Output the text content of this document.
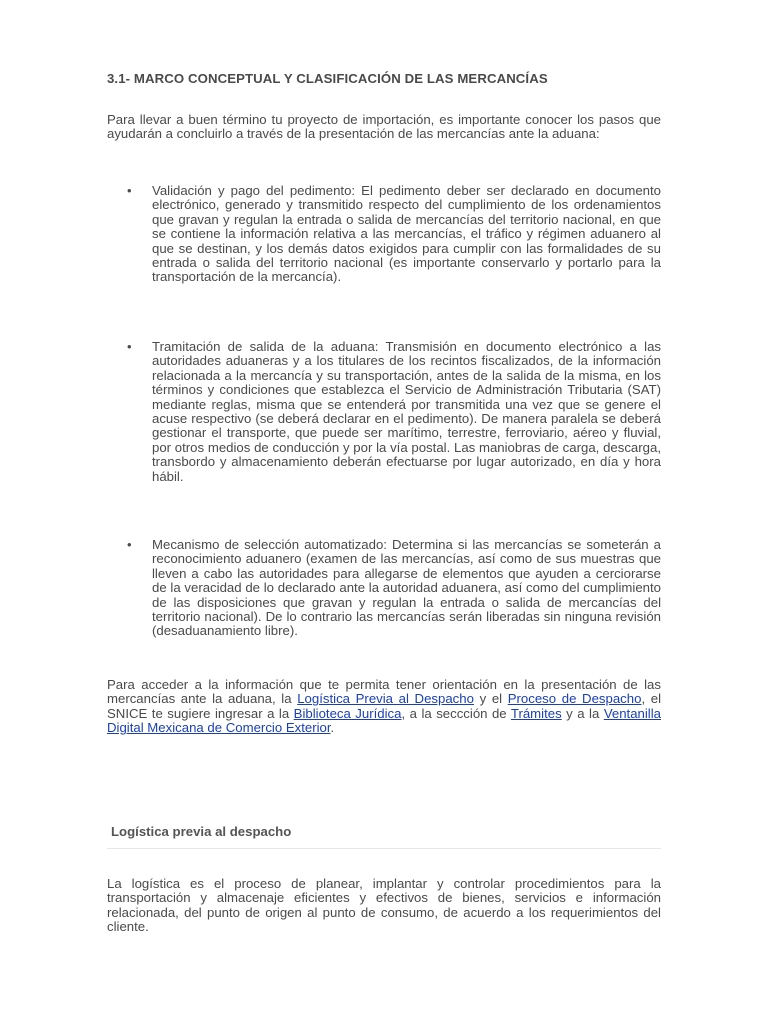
3.1- MARCO CONCEPTUAL Y CLASIFICACIÓN DE LAS MERCANCÍAS

Para llevar a buen término tu proyecto de importación, es importante conocer los pasos que ayudarán a concluirlo a través de la presentación de las mercancías ante la aduana:

• Validación y pago del pedimento: El pedimento deber ser declarado en documento electrónico, generado y transmitido respecto del cumplimiento de los ordenamientos que gravan y regulan la entrada o salida de mercancías del territorio nacional, en que se contiene la información relativa a las mercancías, el tráfico y régimen aduanero al que se destinan, y los demás datos exigidos para cumplir con las formalidades de su entrada o salida del territorio nacional (es importante conservarlo y portarlo para la transportación de la mercancía).

• Tramitación de salida de la aduana: Transmisión en documento electrónico a las autoridades aduaneras y a los titulares de los recintos fiscalizados, de la información relacionada a la mercancía y su transportación, antes de la salida de la misma, en los términos y condiciones que establezca el Servicio de Administración Tributaria (SAT) mediante reglas, misma que se entenderá por transmitida una vez que se genere el acuse respectivo (se deberá declarar en el pedimento). De manera paralela se deberá gestionar el transporte, que puede ser marítimo, terrestre, ferroviario, aéreo y fluvial, por otros medios de conducción y por la vía postal. Las maniobras de carga, descarga, transbordo y almacenamiento deberán efectuarse por lugar autorizado, en día y hora hábil.

• Mecanismo de selección automatizado: Determina si las mercancías se someterán a reconocimiento aduanero (examen de las mercancías, así como de sus muestras que lleven a cabo las autoridades para allegarse de elementos que ayuden a cerciorarse de la veracidad de lo declarado ante la autoridad aduanera, así como del cumplimiento de las disposiciones que gravan y regulan la entrada o salida de mercancías del territorio nacional). De lo contrario las mercancías serán liberadas sin ninguna revisión (desaduanamiento libre).

Para acceder a la información que te permita tener orientación en la presentación de las mercancías ante la aduana, la Logística Previa al Despacho y el Proceso de Despacho, el SNICE te sugiere ingresar a la Biblioteca Jurídica, a la seccción de Trámites y a la Ventanilla Digital Mexicana de Comercio Exterior.

Logística previa al despacho

La logística es el proceso de planear, implantar y controlar procedimientos para la transportación y almacenaje eficientes y efectivos de bienes, servicios e información relacionada, del punto de origen al punto de consumo, de acuerdo a los requerimientos del cliente.
